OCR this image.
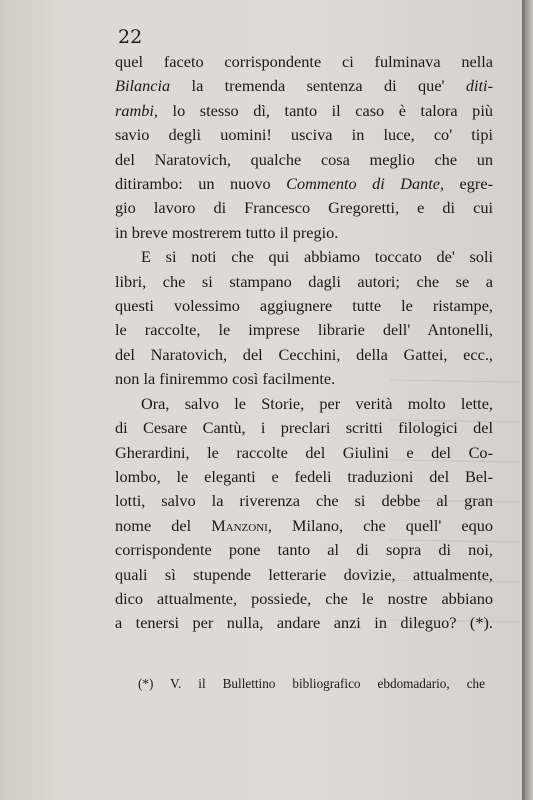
22
quel faceto corrispondente ci fulminava nella
Bilancia la tremenda sentenza di que' diti-
rambi, lo stesso dì, tanto il caso è talora più
savio degli uomini! usciva in luce, co' tipi
del Naratovich, qualche cosa meglio che un
ditirambo: un nuovo Commento di Dante, egre-
gio lavoro di Francesco Gregoretti, e di cui
in breve mostrerem tutto il pregio.
E si noti che qui abbiamo toccato de' soli
libri, che si stampano dagli autori; che se a
questi volessimo aggiugnere tutte le ristampe,
le raccolte, le imprese librarie dell' Antonelli,
del Naratovich, del Cecchini, della Gattei, ecc.,
non la finiremmo così facilmente.
Ora, salvo le Storie, per verità molto lette,
di Cesare Cantù, i preclari scritti filologici del
Gherardini, le raccolte del Giulini e del Co-
lombo, le eleganti e fedeli traduzioni del Bel-
lotti, salvo la riverenza che si debbe al gran
nome del Manzoni, Milano, che quell' equo
corrispondente pone tanto al di sopra di noi,
quali sì stupende letterarie dovizie, attualmente,
dico attualmente, possiede, che le nostre abbiano
a tenersi per nulla, andare anzi in dileguo? (*).
(*) V. il Bullettino bibliografico ebdomadario, che
